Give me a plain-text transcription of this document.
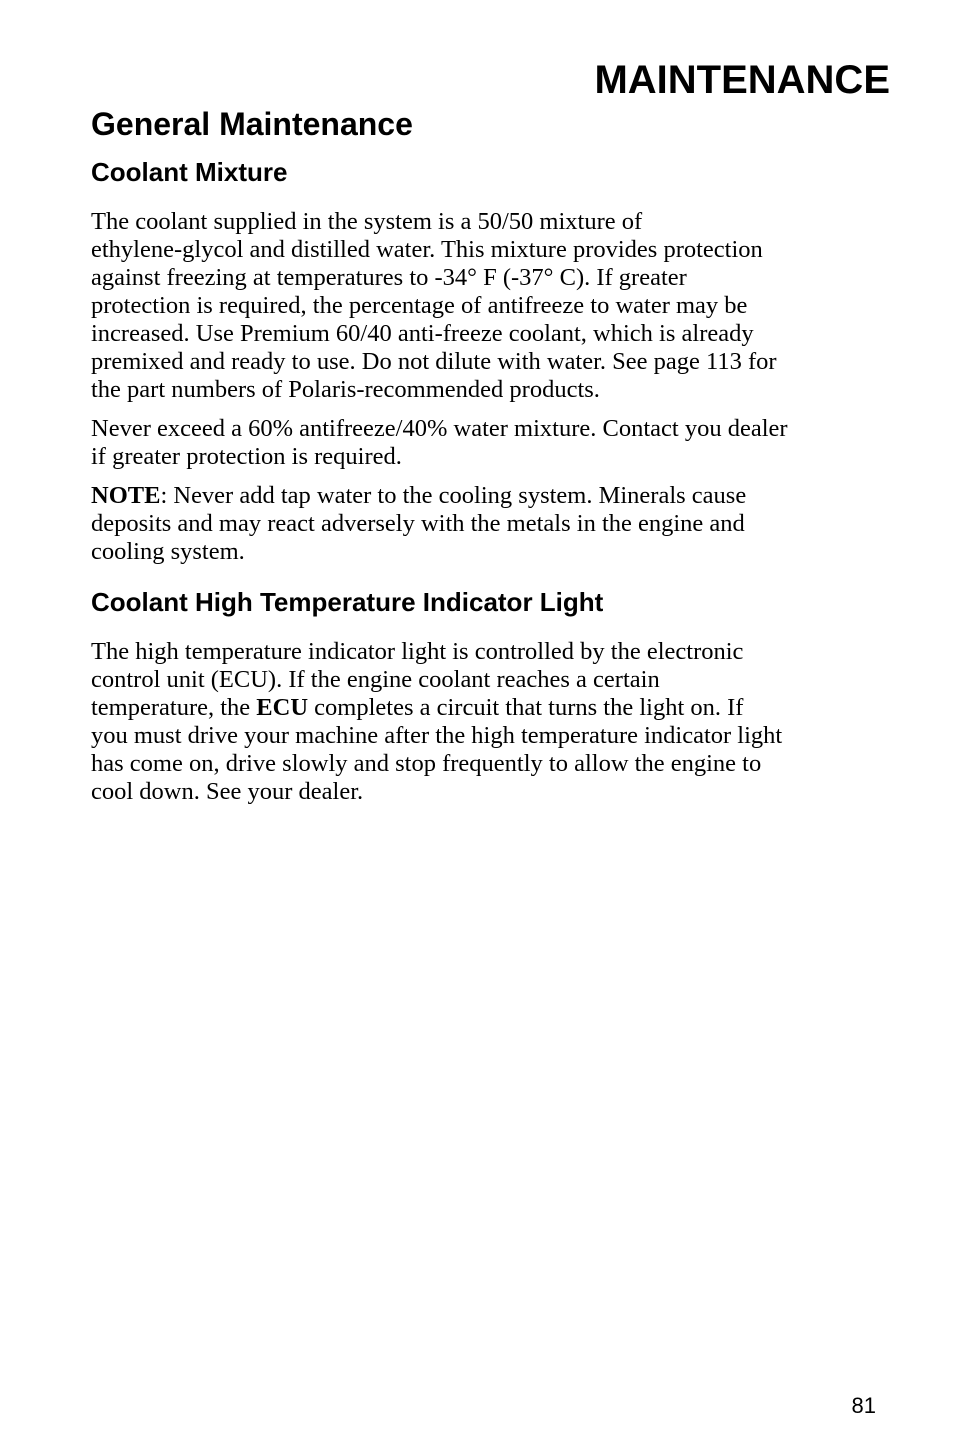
MAINTENANCE
General Maintenance
Coolant Mixture

The coolant supplied in the system is a 50/50 mixture of
ethylene-glycol and distilled water. This mixture provides protection
against freezing at temperatures to -34° F (-37° C). If greater
protection is required, the percentage of antifreeze to water may be
increased. Use Premium 60/40 anti-freeze coolant, which is already
premixed and ready to use. Do not dilute with water. See page 113 for
the part numbers of Polaris-recommended products.

Never exceed a 60% antifreeze/40% water mixture. Contact you dealer
if greater protection is required.

NOTE: Never add tap water to the cooling system. Minerals cause
deposits and may react adversely with the metals in the engine and
cooling system.

Coolant High Temperature Indicator Light

The high temperature indicator light is controlled by the electronic
control unit (ECU). If the engine coolant reaches a certain
temperature, the ECU completes a circuit that turns the light on. If
you must drive your machine after the high temperature indicator light
has come on, drive slowly and stop frequently to allow the engine to
cool down. See your dealer.

81
